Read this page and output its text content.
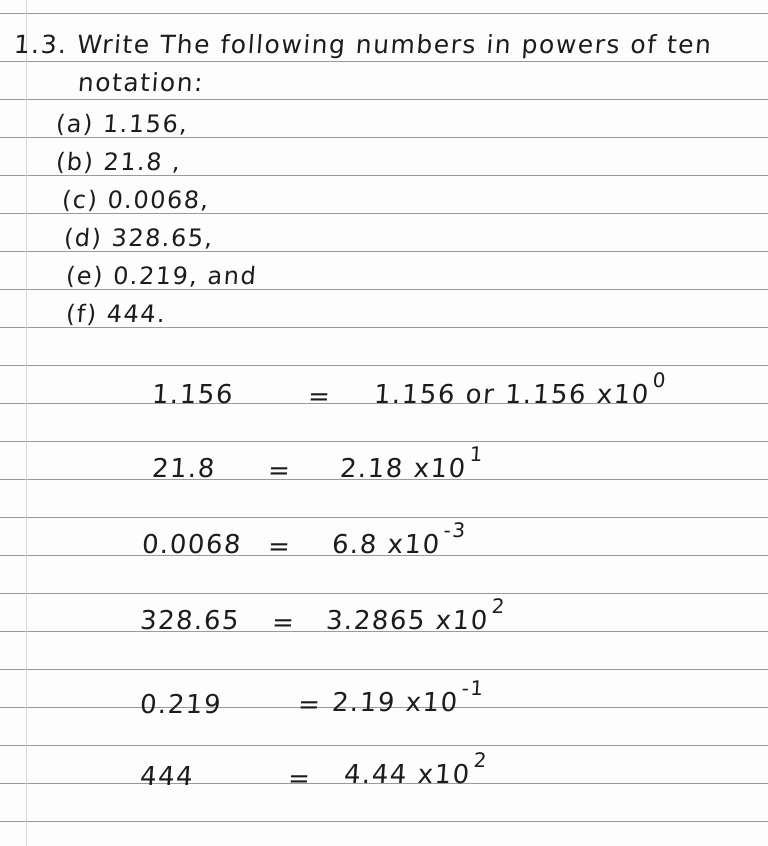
1.3. Write The following numbers in powers of ten
notation:
(a) 1.156,
(b) 21.8 ,
(c) 0.0068,
(d) 328.65,
(e) 0.219, and
(f) 444.
1.156	= 1.156 or 1.156 $x10^0$
21.8 = 2.18 $x10^1$
0.0068 = 6.8 $x10^{-3}$
328.65 = 3.2865 $x10^2$
0.219	= 2.19 $x10^{-1}$
444	= 4.44 $x10^2$
